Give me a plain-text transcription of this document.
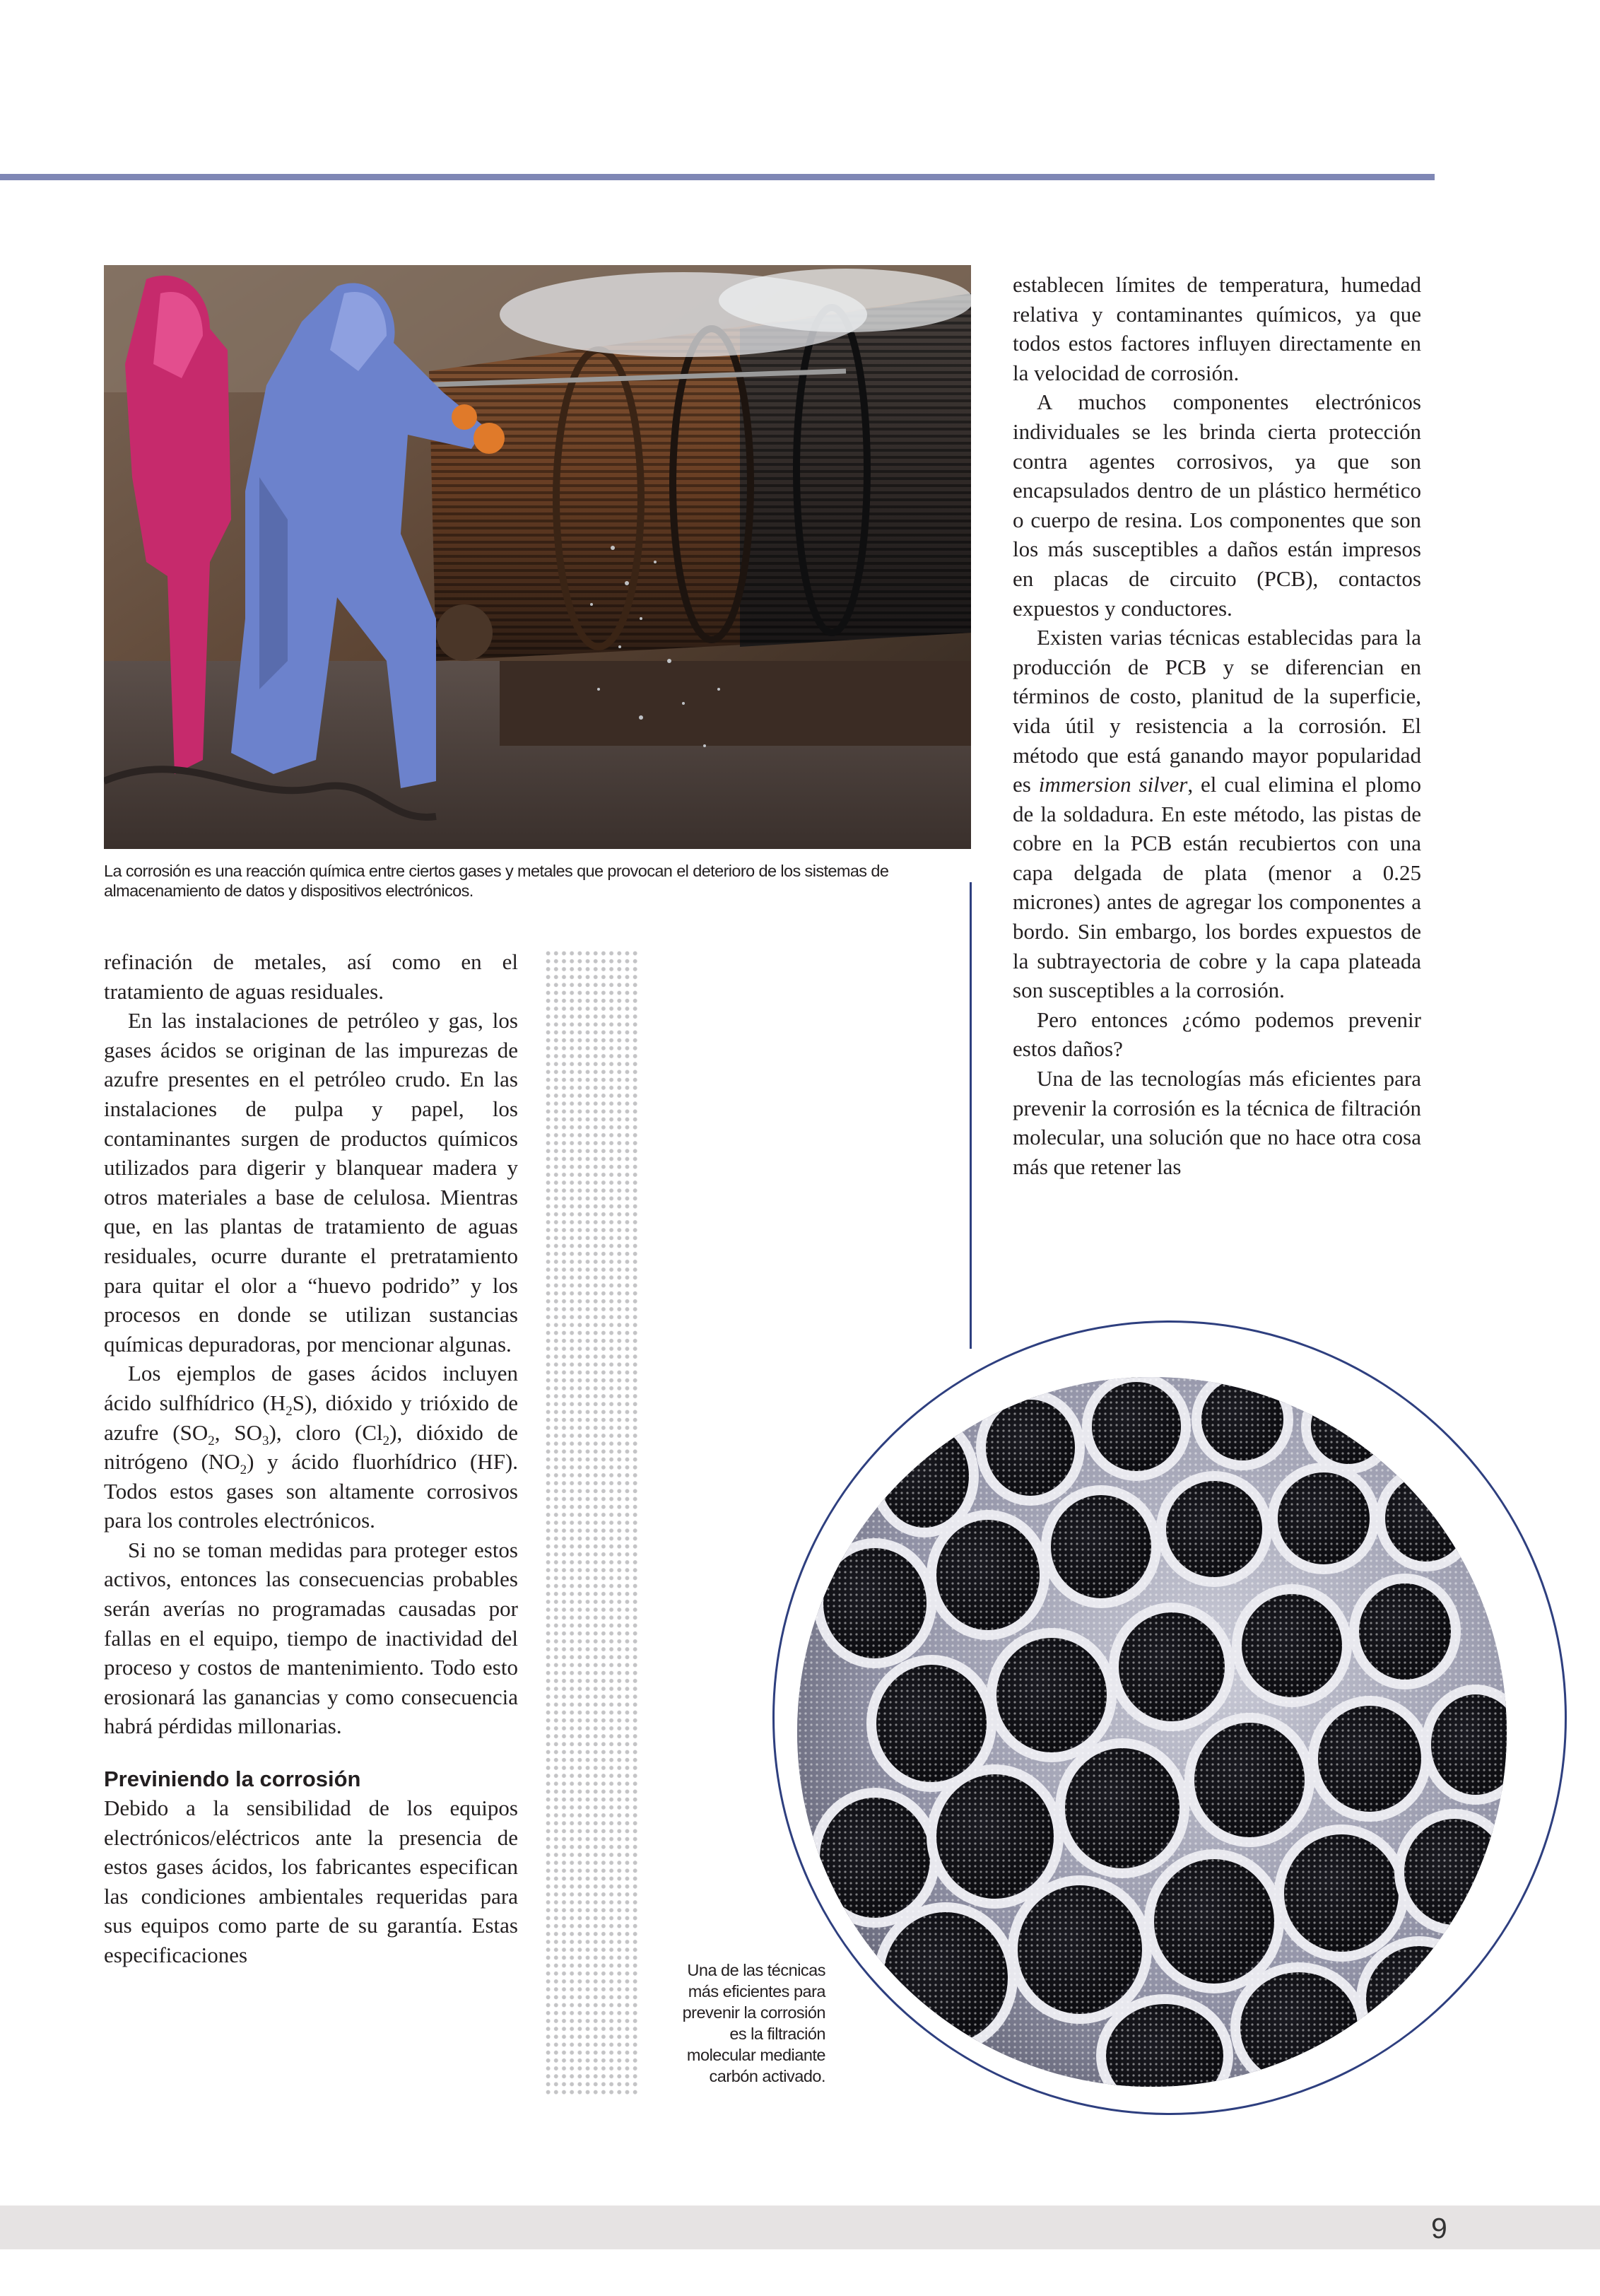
La corrosión es una reacción química entre ciertos gases y metales que provocan el deterioro de los sistemas de almacenamiento de datos y dispositivos electrónicos.

refinación de metales, así como en el tratamiento de aguas residuales.

En las instalaciones de petróleo y gas, los gases ácidos se originan de las impurezas de azufre presentes en el petróleo crudo. En las instalaciones de pulpa y papel, los contaminantes surgen de productos químicos utilizados para digerir y blanquear madera y otros materiales a base de celulosa. Mientras que, en las plantas de tratamiento de aguas residuales, ocurre durante el pretratamiento para quitar el olor a “huevo podrido” y los procesos en donde se utilizan sustancias químicas depuradoras, por mencionar algunas.

Los ejemplos de gases ácidos incluyen ácido sulfhídrico $(H_2S)$, dióxido y trióxido de azufre ($SO_2$, $SO_3$), cloro $(Cl_2)$, dióxido de nitrógeno $(NO_2)$ y ácido fluorhídrico (HF). Todos estos gases son altamente corrosivos para los controles electrónicos.

Si no se toman medidas para proteger estos activos, entonces las consecuencias probables serán averías no programadas causadas por fallas en el equipo, tiempo de inactividad del proceso y costos de mantenimiento. Todo esto erosionará las ganancias y como consecuencia habrá pérdidas millonarias.

Previniendo la corrosión

Debido a la sensibilidad de los equipos electrónicos/eléctricos ante la presencia de estos gases ácidos, los fabricantes especifican las condiciones ambientales requeridas para sus equipos como parte de su garantía. Estas especificaciones

establecen límites de temperatura, humedad relativa y contaminantes químicos, ya que todos estos factores influyen directamente en la velocidad de corrosión.

A muchos componentes electrónicos individuales se les brinda cierta protección contra agentes corrosivos, ya que son encapsulados dentro de un plástico hermético o cuerpo de resina. Los componentes que son los más susceptibles a daños están impresos en placas de circuito (PCB), contactos expuestos y conductores.

Existen varias técnicas establecidas para la producción de PCB y se diferencian en términos de costo, planitud de la superficie, vida útil y resistencia a la corrosión. El método que está ganando mayor popularidad es immersion silver, el cual elimina el plomo de la soldadura. En este método, las pistas de cobre en la PCB están recubiertos con una capa delgada de plata (menor a 0.25 micrones) antes de agregar los componentes a bordo. Sin embargo, los bordes expuestos de la subtrayectoria de cobre y la capa plateada son susceptibles a la corrosión.

Pero entonces ¿cómo podemos prevenir estos daños?

Una de las tecnologías más eficientes para prevenir la corrosión es la técnica de filtración molecular, una solución que no hace otra cosa más que retener las

Una de las técnicas
más eficientes para
prevenir la corrosión
es la filtración
molecular mediante
carbón activado.
9
